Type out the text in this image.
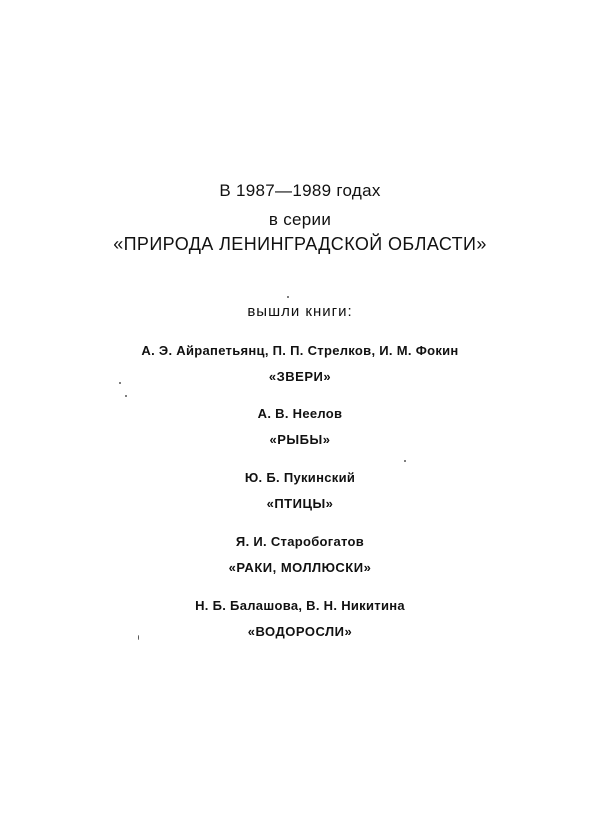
В 1987—1989 годах
в серии
«ПРИРОДА ЛЕНИНГРАДСКОЙ ОБЛАСТИ»
вышли книги:
А. Э. Айрапетьянц, П. П. Стрелков, И. М. Фокин
«ЗВЕРИ»
А. В. Неелов
«РЫБЫ»
Ю. Б. Пукинский
«ПТИЦЫ»
Я. И. Старобогатов
«РАКИ, МОЛЛЮСКИ»
Н. Б. Балашова, В. Н. Никитина
«ВОДОРОСЛИ»
